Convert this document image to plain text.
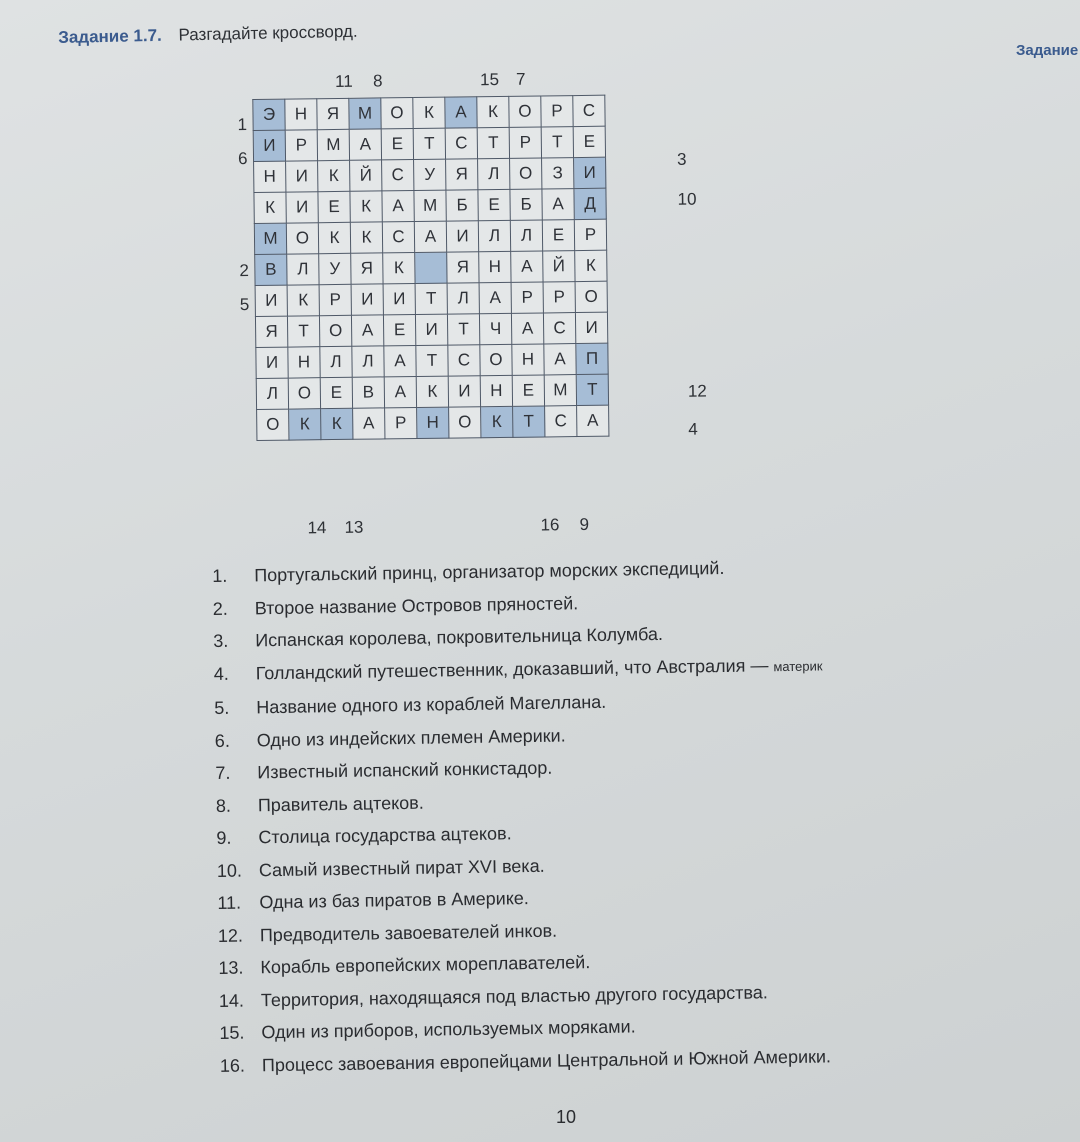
Задание 1.7. Разгадайте кроссворд.
Задание
11 8	15 7
1
6
2
5
3
10
12
4
Э	Н	Я	М	О	К	А	К	О	Р	С
И	Р	М	А	Е	Т	С	Т	Р	Т	Е
Н	И	К	Й	С	У	Я	Л	О	З	И
К	И	Е	К	А	М	Б	Е	Б	А	Д
М	О	К	К	С	А	И	Л	Л	Е	Р
В	Л	У	Я	К		Я	Н	А	Й	К
И	К	Р	И	И	Т	Л	А	Р	Р	О
Я	Т	О	А	Е	И	Т	Ч	А	С	И
И	Н	Л	Л	А	Т	С	О	Н	А	П
Л	О	Е	В	А	К	И	Н	Е	М	Т
О	К	К	А	Р	Н	О	К	Т	С	А
14 13	16 9
1. Португальский принц, организатор морских экспедиций.
2. Второе название Островов пряностей.
3. Испанская королева, покровительница Колумба.
4. Голландский путешественник, доказавший, что Австралия — материк
5. Название одного из кораблей Магеллана.
6. Одно из индейских племен Америки.
7. Известный испанский конкистадор.
8. Правитель ацтеков.
9. Столица государства ацтеков.
10. Самый известный пират XVI века.
11. Одна из баз пиратов в Америке.
12. Предводитель завоевателей инков.
13. Корабль европейских мореплавателей.
14. Территория, находящаяся под властью другого государства.
15. Один из приборов, используемых моряками.
16. Процесс завоевания европейцами Центральной и Южной Америки.
10
